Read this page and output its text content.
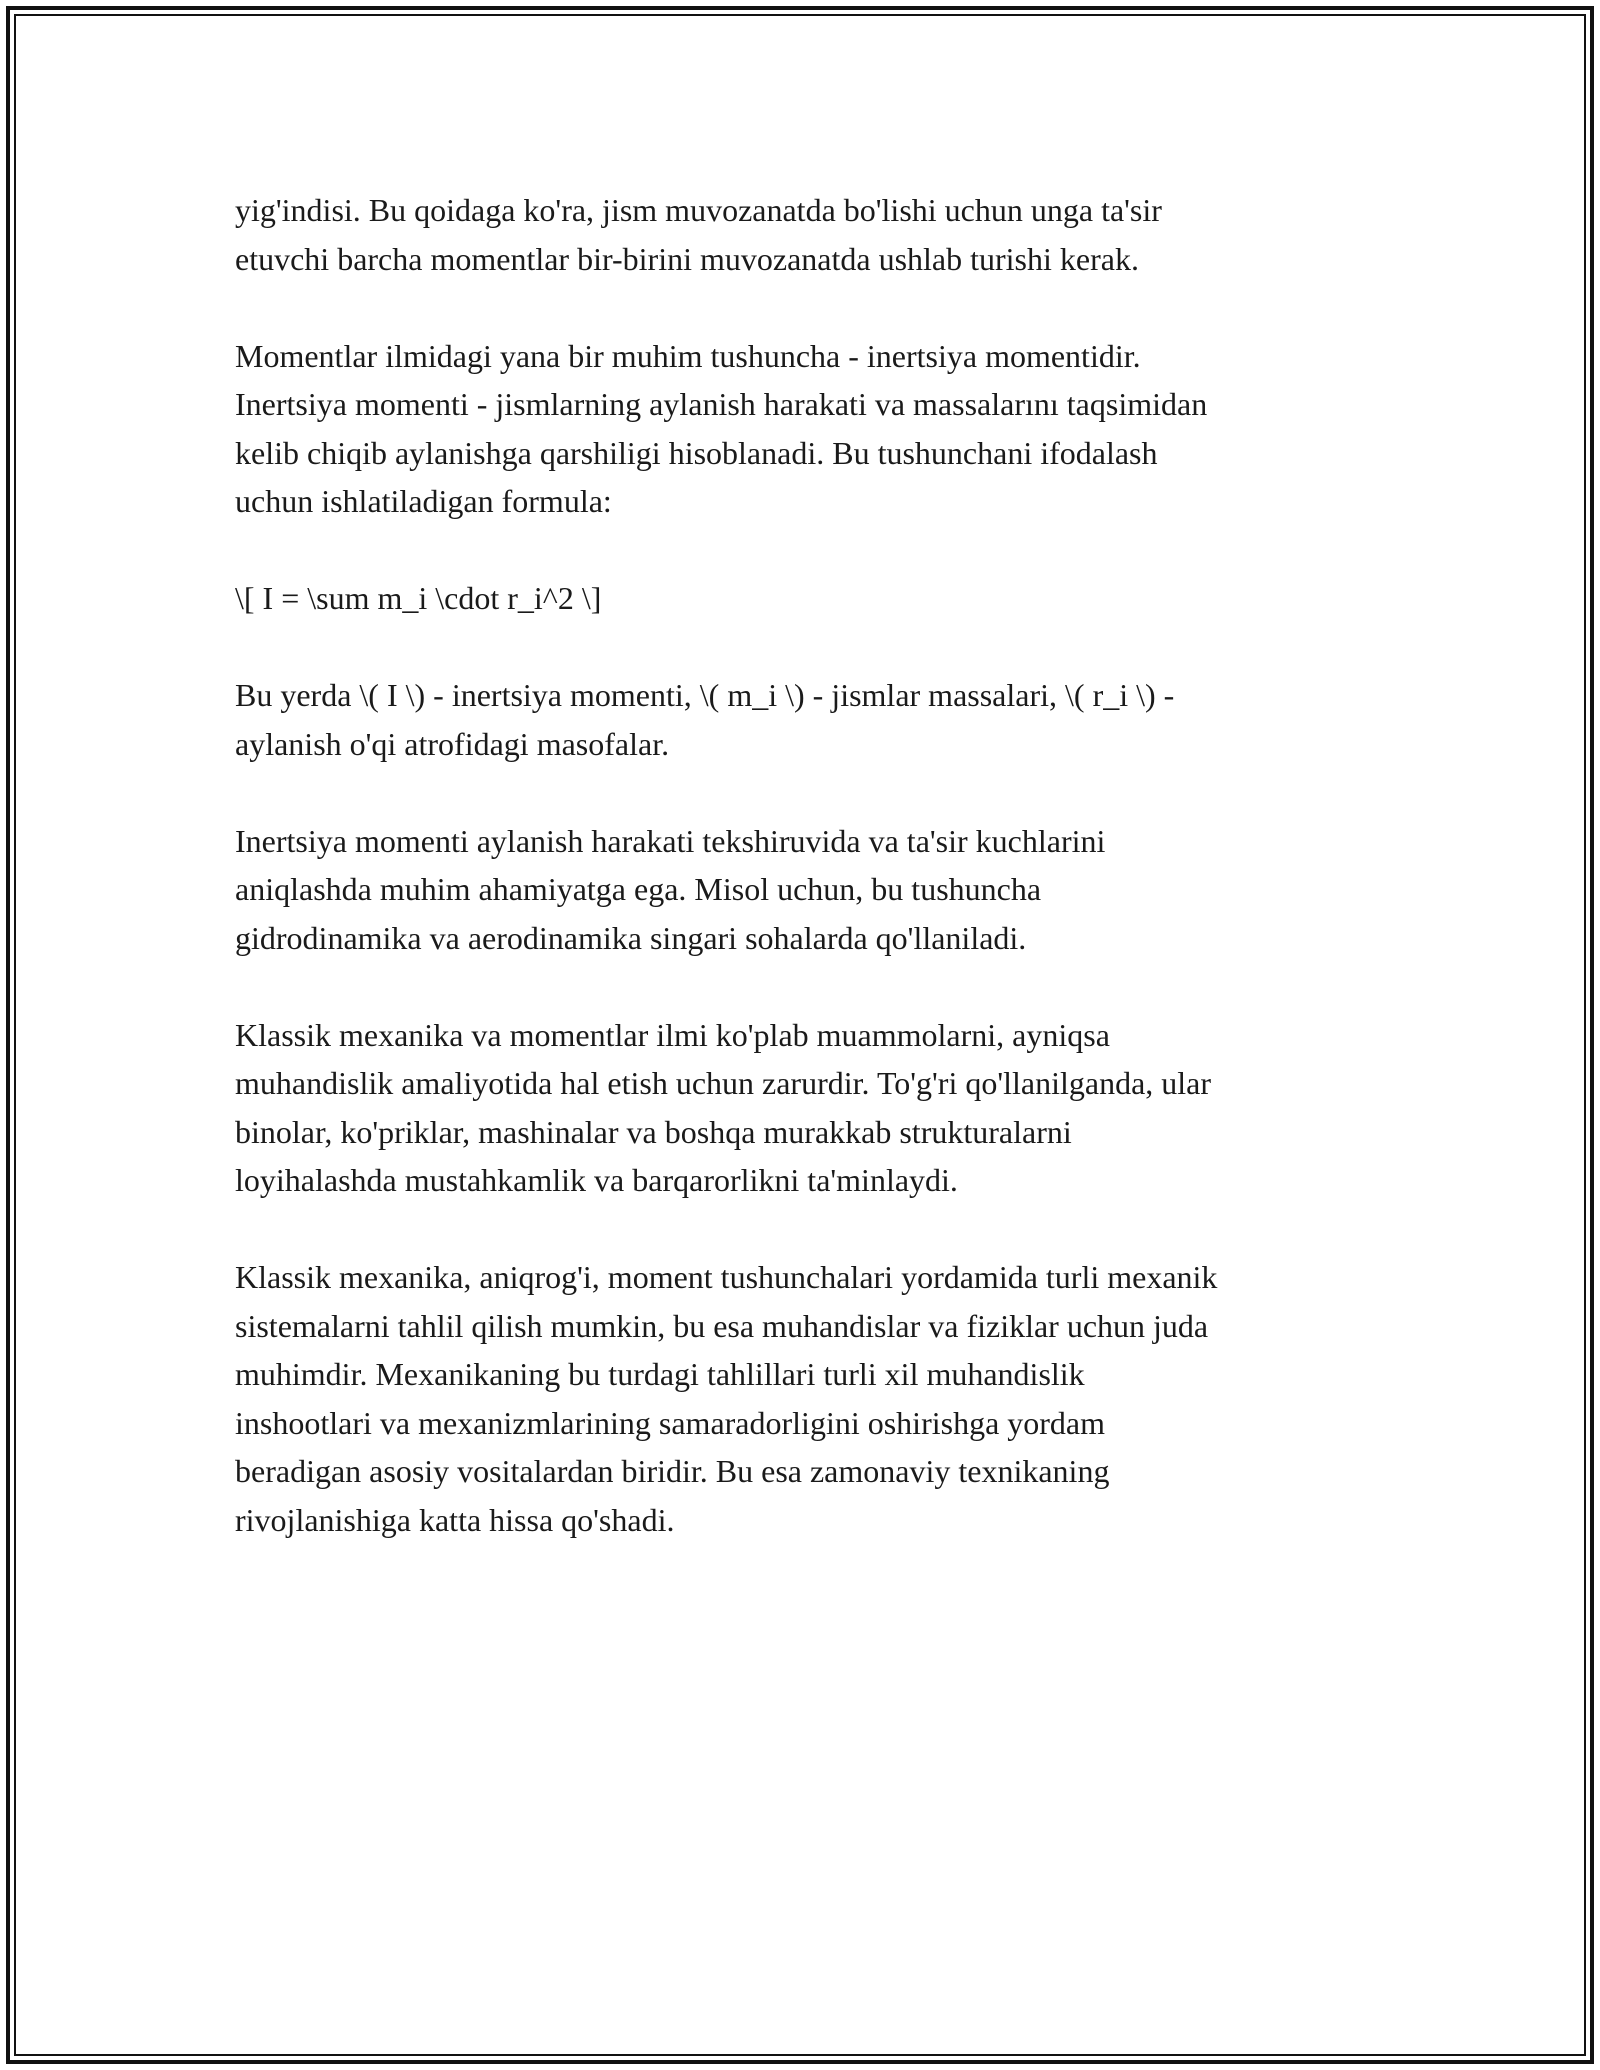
yig'indisi. Bu qoidaga ko'ra, jism muvozanatda bo'lishi uchun unga ta'sir
etuvchi barcha momentlar bir-birini muvozanatda ushlab turishi kerak.

Momentlar ilmidagi yana bir muhim tushuncha - inertsiya momentidir.
Inertsiya momenti - jismlarning aylanish harakati va massalarını taqsimidan
kelib chiqib aylanishga qarshiligi hisoblanadi. Bu tushunchani ifodalash
uchun ishlatiladigan formula:

\[ I = \sum m_i \cdot r_i^2 \]

Bu yerda \( I \) - inertsiya momenti, \( m_i \) - jismlar massalari, \( r_i \) -
aylanish o'qi atrofidagi masofalar.

Inertsiya momenti aylanish harakati tekshiruvida va ta'sir kuchlarini
aniqlashda muhim ahamiyatga ega. Misol uchun, bu tushuncha
gidrodinamika va aerodinamika singari sohalarda qo'llaniladi.

Klassik mexanika va momentlar ilmi ko'plab muammolarni, ayniqsa
muhandislik amaliyotida hal etish uchun zarurdir. To'g'ri qo'llanilganda, ular
binolar, ko'priklar, mashinalar va boshqa murakkab strukturalarni
loyihalashda mustahkamlik va barqarorlikni ta'minlaydi.

Klassik mexanika, aniqrog'i, moment tushunchalari yordamida turli mexanik
sistemalarni tahlil qilish mumkin, bu esa muhandislar va fiziklar uchun juda
muhimdir. Mexanikaning bu turdagi tahlillari turli xil muhandislik
inshootlari va mexanizmlarining samaradorligini oshirishga yordam
beradigan asosiy vositalardan biridir. Bu esa zamonaviy texnikaning
rivojlanishiga katta hissa qo'shadi.
